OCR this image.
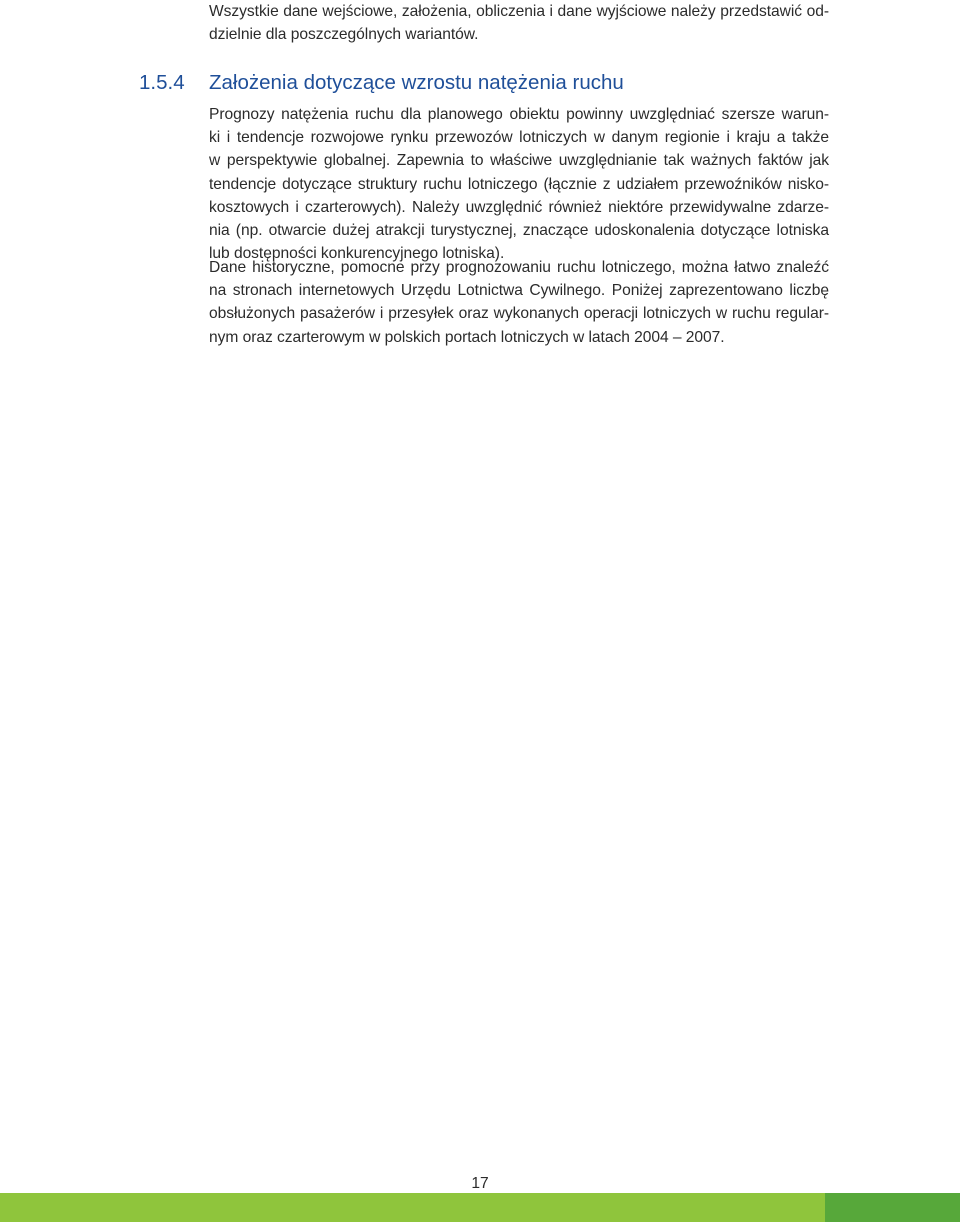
Wszystkie dane wejściowe, założenia, obliczenia i dane wyjściowe należy przedstawić od-
dzielnie dla poszczególnych wariantów.
1.5.4 Założenia dotyczące wzrostu natężenia ruchu
Prognozy natężenia ruchu dla planowego obiektu powinny uwzględniać szersze warun-
ki i tendencje rozwojowe rynku przewozów lotniczych w danym regionie i kraju a także
w perspektywie globalnej. Zapewnia to właściwe uwzględnianie tak ważnych faktów jak
tendencje dotyczące struktury ruchu lotniczego (łącznie z udziałem przewoźników nisko-
kosztowych i czarterowych). Należy uwzględnić również niektóre przewidywalne zdarze-
nia (np. otwarcie dużej atrakcji turystycznej, znaczące udoskonalenia dotyczące lotniska
lub dostępności konkurencyjnego lotniska).
Dane historyczne, pomocne przy prognozowaniu ruchu lotniczego, można łatwo znaleźć
na stronach internetowych Urzędu Lotnictwa Cywilnego. Poniżej zaprezentowano liczbę
obsłużonych pasażerów i przesyłek oraz wykonanych operacji lotniczych w ruchu regular-
nym oraz czarterowym w polskich portach lotniczych w latach 2004 – 2007.
17
